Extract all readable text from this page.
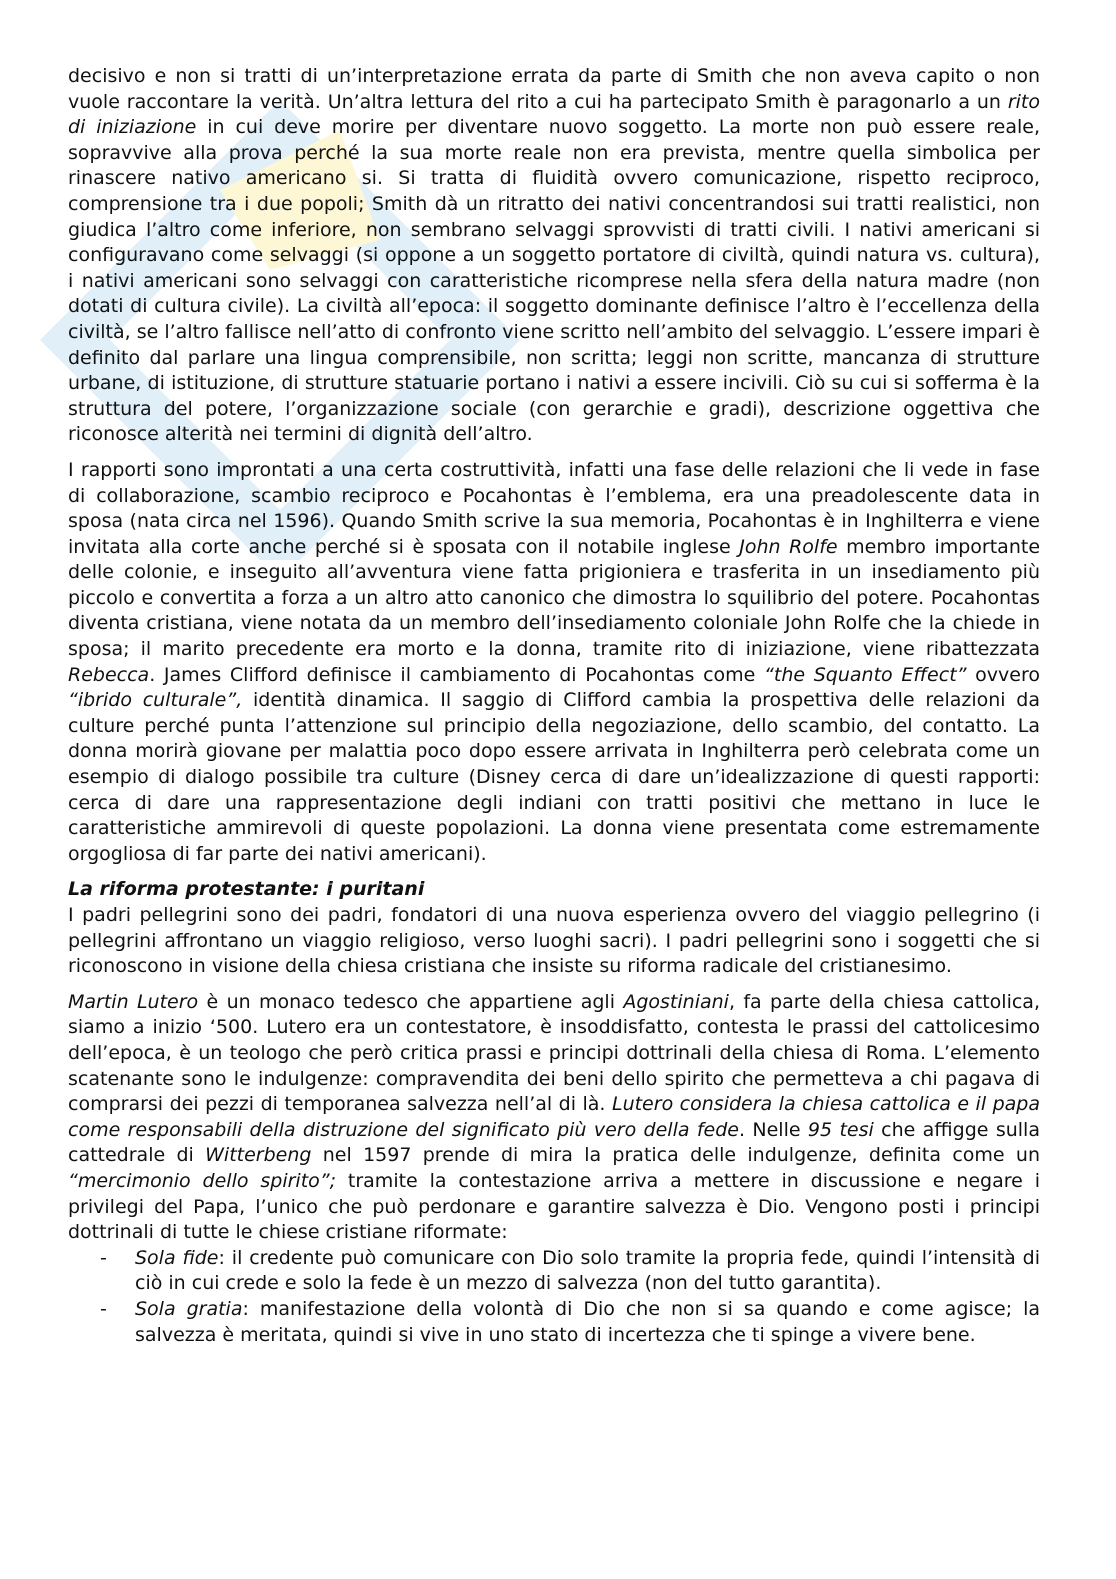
decisivo e non si tratti di un’interpretazione errata da parte di Smith che non aveva capito o non vuole raccontare la verità. Un’altra lettura del rito a cui ha partecipato Smith è paragonarlo a un rito di iniziazione in cui deve morire per diventare nuovo soggetto. La morte non può essere reale, sopravvive alla prova perché la sua morte reale non era prevista, mentre quella simbolica per rinascere nativo americano si. Si tratta di fluidità ovvero comunicazione, rispetto reciproco, comprensione tra i due popoli; Smith dà un ritratto dei nativi concentrandosi sui tratti realistici, non giudica l’altro come inferiore, non sembrano selvaggi sprovvisti di tratti civili. I nativi americani si configuravano come selvaggi (si oppone a un soggetto portatore di civiltà, quindi natura vs. cultura), i nativi americani sono selvaggi con caratteristiche ricomprese nella sfera della natura madre (non dotati di cultura civile). La civiltà all’epoca: il soggetto dominante definisce l’altro è l’eccellenza della civiltà, se l’altro fallisce nell’atto di confronto viene scritto nell’ambito del selvaggio. L’essere impari è definito dal parlare una lingua comprensibile, non scritta; leggi non scritte, mancanza di strutture urbane, di istituzione, di strutture statuarie portano i nativi a essere incivili. Ciò su cui si sofferma è la struttura del potere, l’organizzazione sociale (con gerarchie e gradi), descrizione oggettiva che riconosce alterità nei termini di dignità dell’altro.

I rapporti sono improntati a una certa costruttività, infatti una fase delle relazioni che li vede in fase di collaborazione, scambio reciproco e Pocahontas è l’emblema, era una preadolescente data in sposa (nata circa nel 1596). Quando Smith scrive la sua memoria, Pocahontas è in Inghilterra e viene invitata alla corte anche perché si è sposata con il notabile inglese John Rolfe membro importante delle colonie, e inseguito all’avventura viene fatta prigioniera e trasferita in un insediamento più piccolo e convertita a forza a un altro atto canonico che dimostra lo squilibrio del potere. Pocahontas diventa cristiana, viene notata da un membro dell’insediamento coloniale John Rolfe che la chiede in sposa; il marito precedente era morto e la donna, tramite rito di iniziazione, viene ribattezzata Rebecca. James Clifford definisce il cambiamento di Pocahontas come “the Squanto Effect” ovvero “ibrido culturale”, identità dinamica. Il saggio di Clifford cambia la prospettiva delle relazioni da culture perché punta l’attenzione sul principio della negoziazione, dello scambio, del contatto. La donna morirà giovane per malattia poco dopo essere arrivata in Inghilterra però celebrata come un esempio di dialogo possibile tra culture (Disney cerca di dare un’idealizzazione di questi rapporti: cerca di dare una rappresentazione degli indiani con tratti positivi che mettano in luce le caratteristiche ammirevoli di queste popolazioni. La donna viene presentata come estremamente orgogliosa di far parte dei nativi americani).

La riforma protestante: i puritani

I padri pellegrini sono dei padri, fondatori di una nuova esperienza ovvero del viaggio pellegrino (i pellegrini affrontano un viaggio religioso, verso luoghi sacri). I padri pellegrini sono i soggetti che si riconoscono in visione della chiesa cristiana che insiste su riforma radicale del cristianesimo.

Martin Lutero è un monaco tedesco che appartiene agli Agostiniani, fa parte della chiesa cattolica, siamo a inizio ‘500. Lutero era un contestatore, è insoddisfatto, contesta le prassi del cattolicesimo dell’epoca, è un teologo che però critica prassi e principi dottrinali della chiesa di Roma. L’elemento scatenante sono le indulgenze: compravendita dei beni dello spirito che permetteva a chi pagava di comprarsi dei pezzi di temporanea salvezza nell’al di là. Lutero considera la chiesa cattolica e il papa come responsabili della distruzione del significato più vero della fede. Nelle 95 tesi che affigge sulla cattedrale di Witterbeng nel 1597 prende di mira la pratica delle indulgenze, definita come un “mercimonio dello spirito”; tramite la contestazione arriva a mettere in discussione e negare i privilegi del Papa, l’unico che può perdonare e garantire salvezza è Dio. Vengono posti i principi dottrinali di tutte le chiese cristiane riformate:

- Sola fide: il credente può comunicare con Dio solo tramite la propria fede, quindi l’intensità di ciò in cui crede e solo la fede è un mezzo di salvezza (non del tutto garantita).
- Sola gratia: manifestazione della volontà di Dio che non si sa quando e come agisce; la salvezza è meritata, quindi si vive in uno stato di incertezza che ti spinge a vivere bene.
